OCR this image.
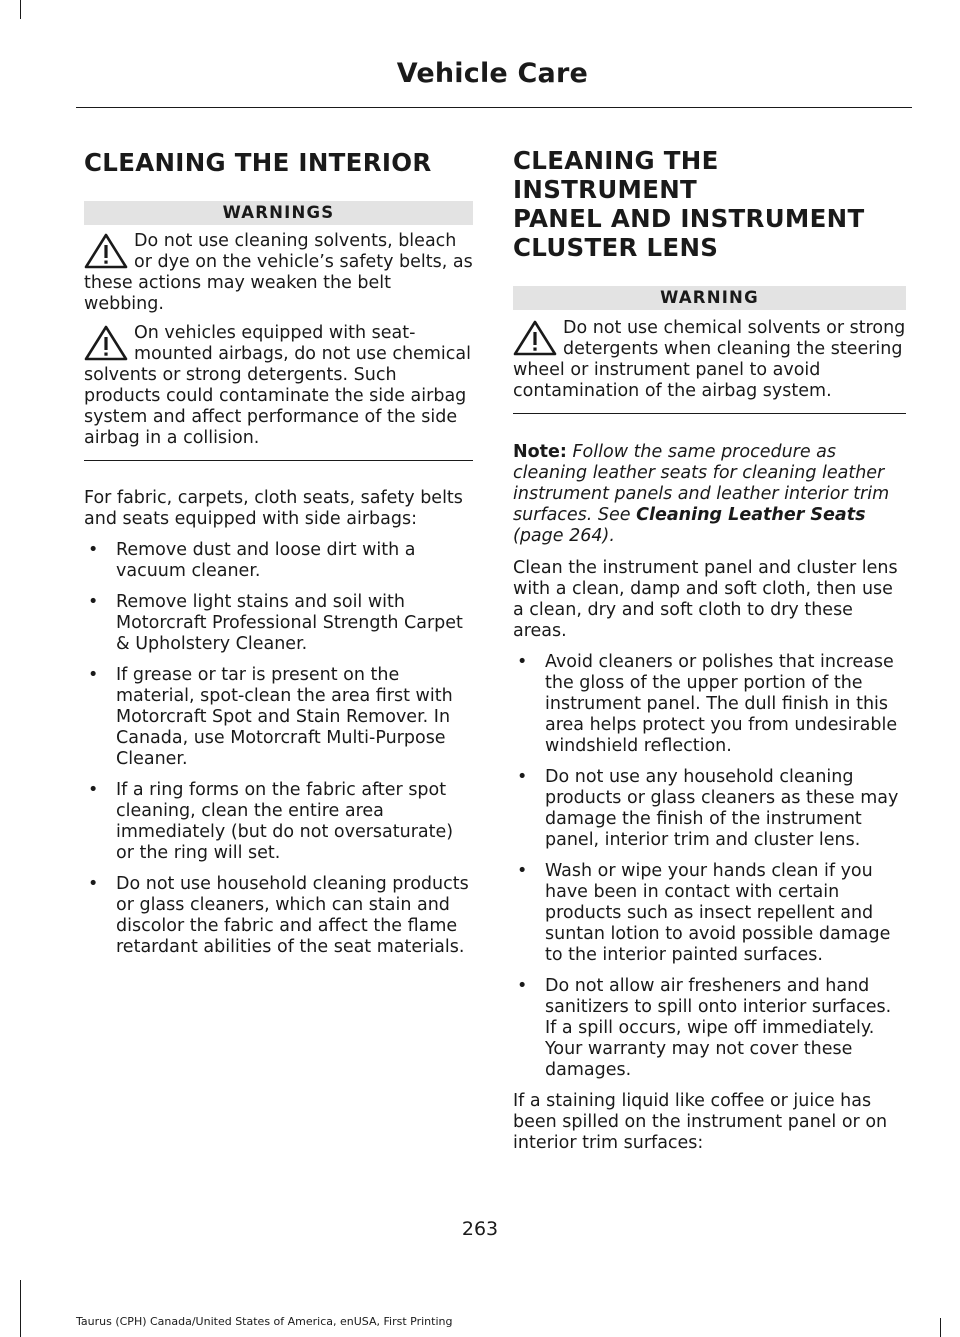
Vehicle Care
CLEANING THE INTERIOR
WARNINGS
Do not use cleaning solvents, bleach or dye on the vehicle’s safety belts, as these actions may weaken the belt webbing.
On vehicles equipped with seat-mounted airbags, do not use chemical solvents or strong detergents. Such products could contaminate the side airbag system and affect performance of the side airbag in a collision.

For fabric, carpets, cloth seats, safety belts and seats equipped with side airbags:

• Remove dust and loose dirt with a vacuum cleaner.
• Remove light stains and soil with Motorcraft Professional Strength Carpet & Upholstery Cleaner.
• If grease or tar is present on the material, spot-clean the area first with Motorcraft Spot and Stain Remover. In Canada, use Motorcraft Multi-Purpose Cleaner.
• If a ring forms on the fabric after spot cleaning, clean the entire area immediately (but do not oversaturate) or the ring will set.
• Do not use household cleaning products or glass cleaners, which can stain and discolor the fabric and affect the flame retardant abilities of the seat materials.
CLEANING THE INSTRUMENT
PANEL AND INSTRUMENT
CLUSTER LENS
WARNING
Do not use chemical solvents or strong detergents when cleaning the steering wheel or instrument panel to avoid contamination of the airbag system.

Note: Follow the same procedure as cleaning leather seats for cleaning leather instrument panels and leather interior trim surfaces. See Cleaning Leather Seats (page 264).

Clean the instrument panel and cluster lens with a clean, damp and soft cloth, then use a clean, dry and soft cloth to dry these areas.

• Avoid cleaners or polishes that increase the gloss of the upper portion of the instrument panel. The dull finish in this area helps protect you from undesirable windshield reflection.
• Do not use any household cleaning products or glass cleaners as these may damage the finish of the instrument panel, interior trim and cluster lens.
• Wash or wipe your hands clean if you have been in contact with certain products such as insect repellent and suntan lotion to avoid possible damage to the interior painted surfaces.
• Do not allow air fresheners and hand sanitizers to spill onto interior surfaces. If a spill occurs, wipe off immediately. Your warranty may not cover these damages.

If a staining liquid like coffee or juice has been spilled on the instrument panel or on interior trim surfaces:

263
Taurus (CPH) Canada/United States of America, enUSA, First Printing
